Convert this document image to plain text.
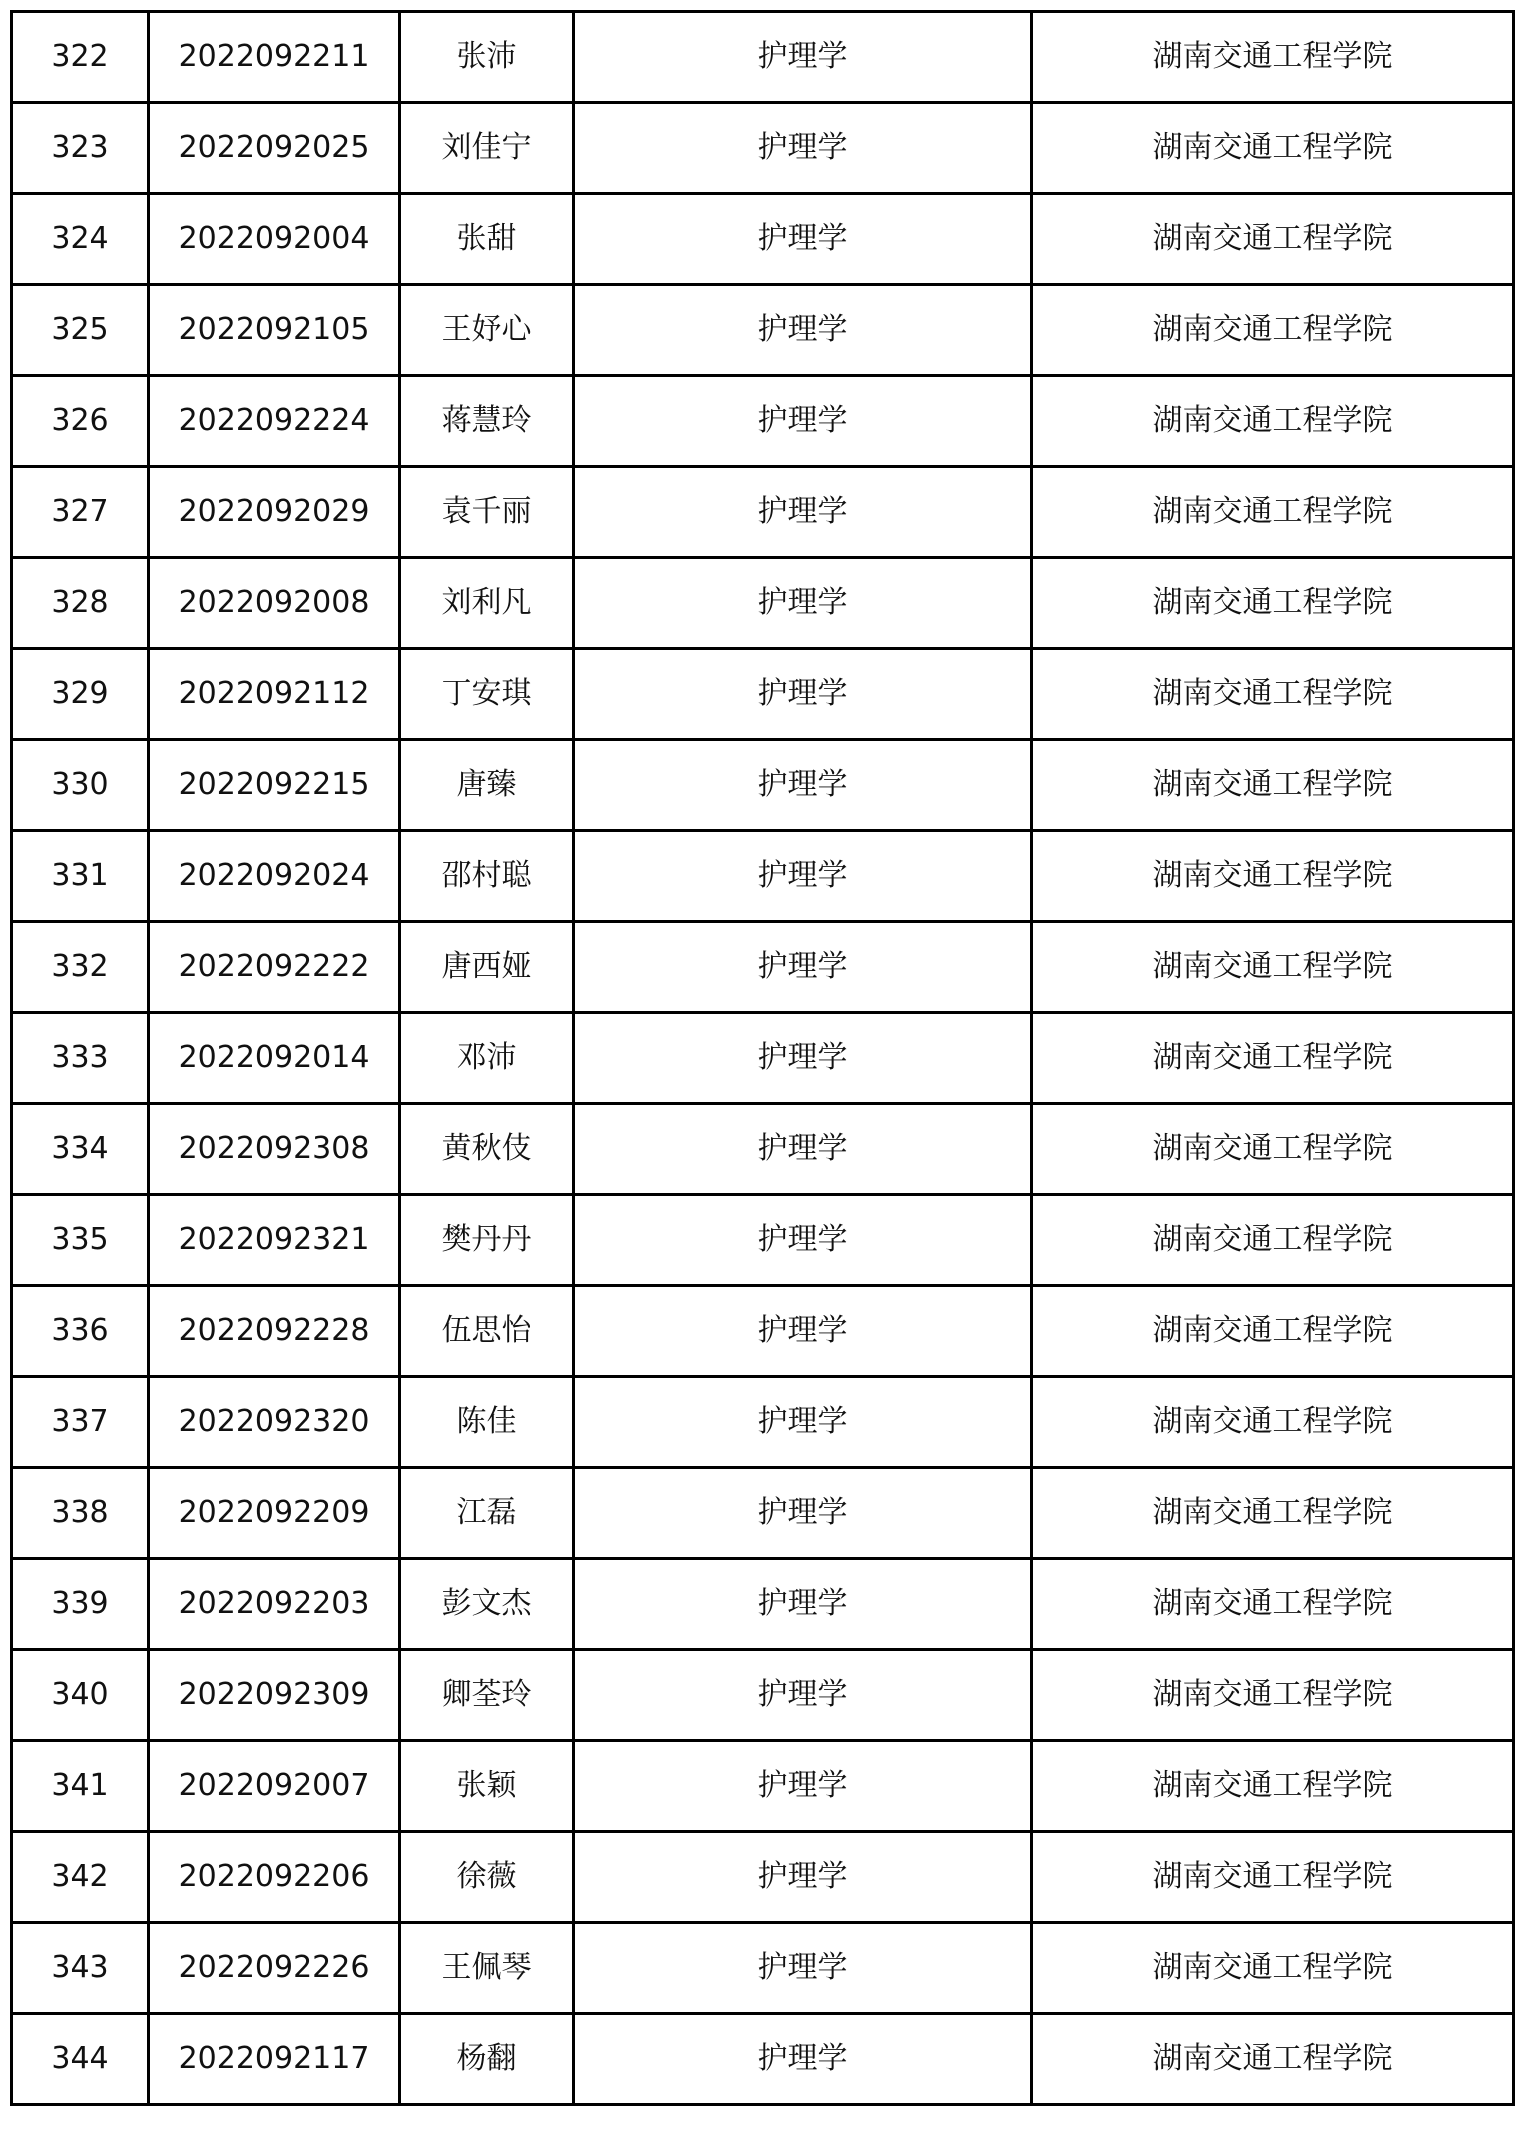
322	2022092211	张沛	护理学	湖南交通工程学院
323	2022092025	刘佳宁	护理学	湖南交通工程学院
324	2022092004	张甜	护理学	湖南交通工程学院
325	2022092105	王妤心	护理学	湖南交通工程学院
326	2022092224	蒋慧玲	护理学	湖南交通工程学院
327	2022092029	袁千丽	护理学	湖南交通工程学院
328	2022092008	刘利凡	护理学	湖南交通工程学院
329	2022092112	丁安琪	护理学	湖南交通工程学院
330	2022092215	唐臻	护理学	湖南交通工程学院
331	2022092024	邵村聪	护理学	湖南交通工程学院
332	2022092222	唐西娅	护理学	湖南交通工程学院
333	2022092014	邓沛	护理学	湖南交通工程学院
334	2022092308	黄秋伎	护理学	湖南交通工程学院
335	2022092321	樊丹丹	护理学	湖南交通工程学院
336	2022092228	伍思怡	护理学	湖南交通工程学院
337	2022092320	陈佳	护理学	湖南交通工程学院
338	2022092209	江磊	护理学	湖南交通工程学院
339	2022092203	彭文杰	护理学	湖南交通工程学院
340	2022092309	卿荃玲	护理学	湖南交通工程学院
341	2022092007	张颖	护理学	湖南交通工程学院
342	2022092206	徐薇	护理学	湖南交通工程学院
343	2022092226	王佩琴	护理学	湖南交通工程学院
344	2022092117	杨翻	护理学	湖南交通工程学院
